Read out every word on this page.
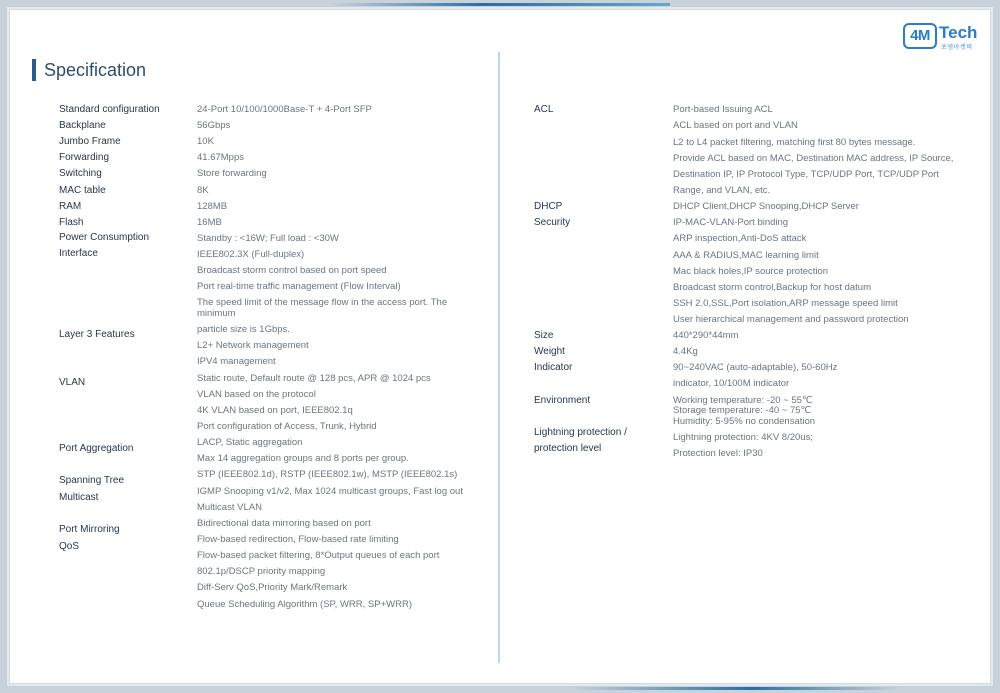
4M Tech
포엠마켓텍
Specification
Standard configuration
Backplane
Jumbo Frame
Forwarding
Switching
MAC table
RAM
Flash
Power Consumption
Interface
Layer 3 Features
VLAN
Port Aggregation
Spanning Tree
Multicast
Port Mirroring
QoS
24-Port 10/100/1000Base-T + 4-Port SFP
56Gbps
10K
41.67Mpps
Store forwarding
8K
128MB
16MB
Standby : <16W; Full load : <30W
IEEE802.3X (Full-duplex)
Broadcast storm control based on port speed
Port real-time traffic management (Flow Interval)
The speed limit of the message flow in the access port. The
minimum
particle size is 1Gbps.
L2+ Network management
IPV4 management
Static route, Default route @ 128 pcs, APR @ 1024 pcs
VLAN based on the protocol
4K VLAN based on port, IEEE802.1q
Port configuration of Access, Trunk, Hybrid
LACP, Static aggregation
Max 14 aggregation groups and 8 ports per group.
STP (IEEE802.1d), RSTP (IEEE802.1w), MSTP (IEEE802.1s)
IGMP Snooping v1/v2, Max 1024 multicast groups, Fast log out
Multicast VLAN
Bidirectional data mirroring based on port
Flow-based redirection, Flow-based rate limiting
Flow-based packet filtering, 8*Output queues of each port
802.1p/DSCP priority mapping
Diff-Serv QoS,Priority Mark/Remark
Queue Scheduling Algorithm (SP, WRR, SP+WRR)
ACL
DHCP
Security
Size
Weight
Indicator
Environment
Lightning protection /
protection level
Port-based Issuing ACL
ACL based on port and VLAN
L2 to L4 packet filtering, matching first 80 bytes message.
Provide ACL based on MAC, Destination MAC address, IP Source,
Destination IP, IP Protocol Type, TCP/UDP Port, TCP/UDP Port
Range, and VLAN, etc.
DHCP Client,DHCP Snooping,DHCP Server
IP-MAC-VLAN-Port binding
ARP inspection,Anti-DoS attack
AAA & RADIUS,MAC learning limit
Mac black holes,IP source protection
Broadcast storm control,Backup for host datum
SSH 2.0,SSL,Port isolation,ARP message speed limit
User hierarchical management and password protection
440*290*44mm
4.4Kg
90~240VAC (auto-adaptable), 50-60Hz
indicator, 10/100M indicator
Working temperature: -20 ~ 55℃
Storage temperature: -40 ~ 75℃
Humidity: 5-95% no condensation
Lightning protection: 4KV 8/20us;
Protection level: IP30
